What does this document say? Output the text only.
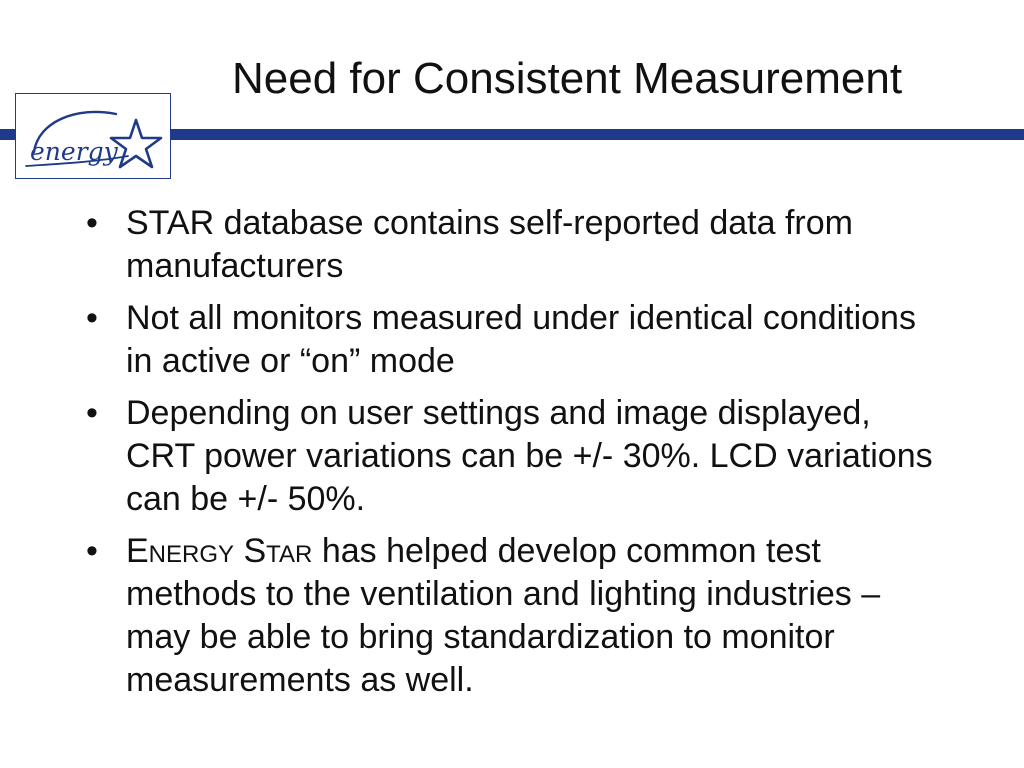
Need for Consistent Measurement
energy
• STAR database contains self-reported data from manufacturers
• Not all monitors measured under identical conditions in active or “on” mode
• Depending on user settings and image displayed, CRT power variations can be +/- 30%. LCD variations can be +/- 50%.
• Energy Star has helped develop common test methods to the ventilation and lighting industries – may be able to bring standardization to monitor measurements as well.
